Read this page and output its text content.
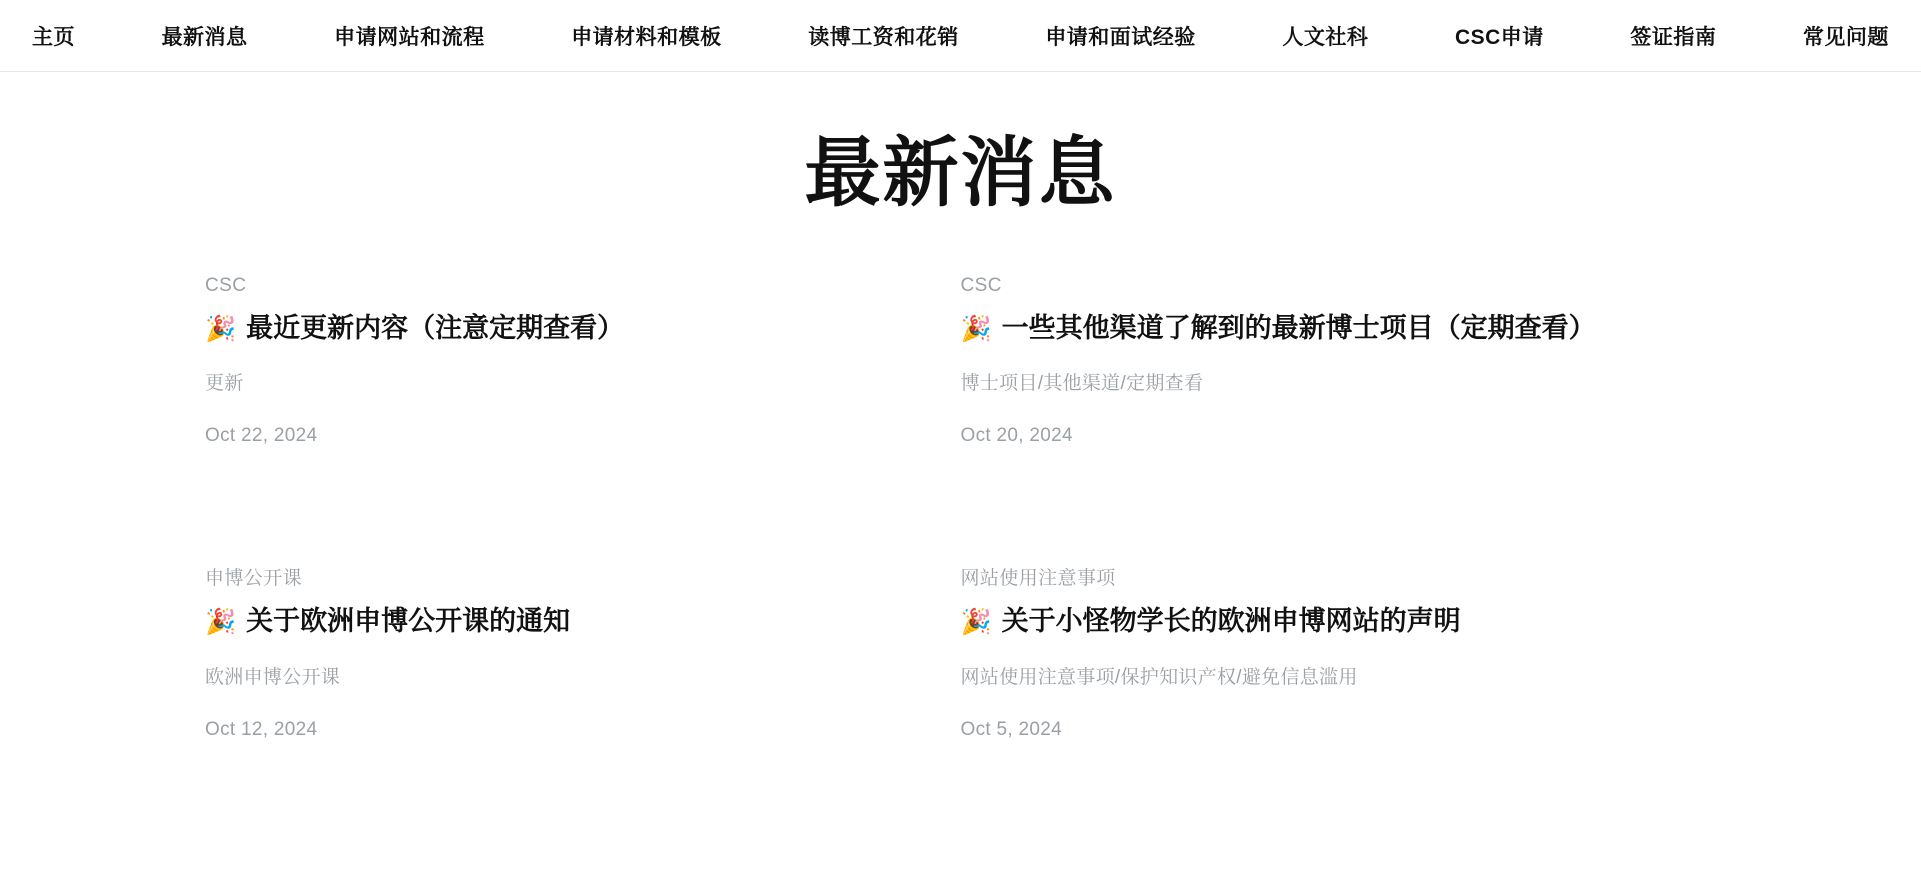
主页	最新消息	申请网站和流程	申请材料和模板	读博工资和花销	申请和面试经验	人文社科	CSC申请	签证指南	常见问题
最新消息
CSC
🎉 最近更新内容（注意定期查看）
更新
Oct 22, 2024
CSC
🎉 一些其他渠道了解到的最新博士项目（定期查看）
博士项目/其他渠道/定期查看
Oct 20, 2024
申博公开课
🎉 关于欧洲申博公开课的通知
欧洲申博公开课
Oct 12, 2024
网站使用注意事项
🎉 关于小怪物学长的欧洲申博网站的声明
网站使用注意事项/保护知识产权/避免信息滥用
Oct 5, 2024
